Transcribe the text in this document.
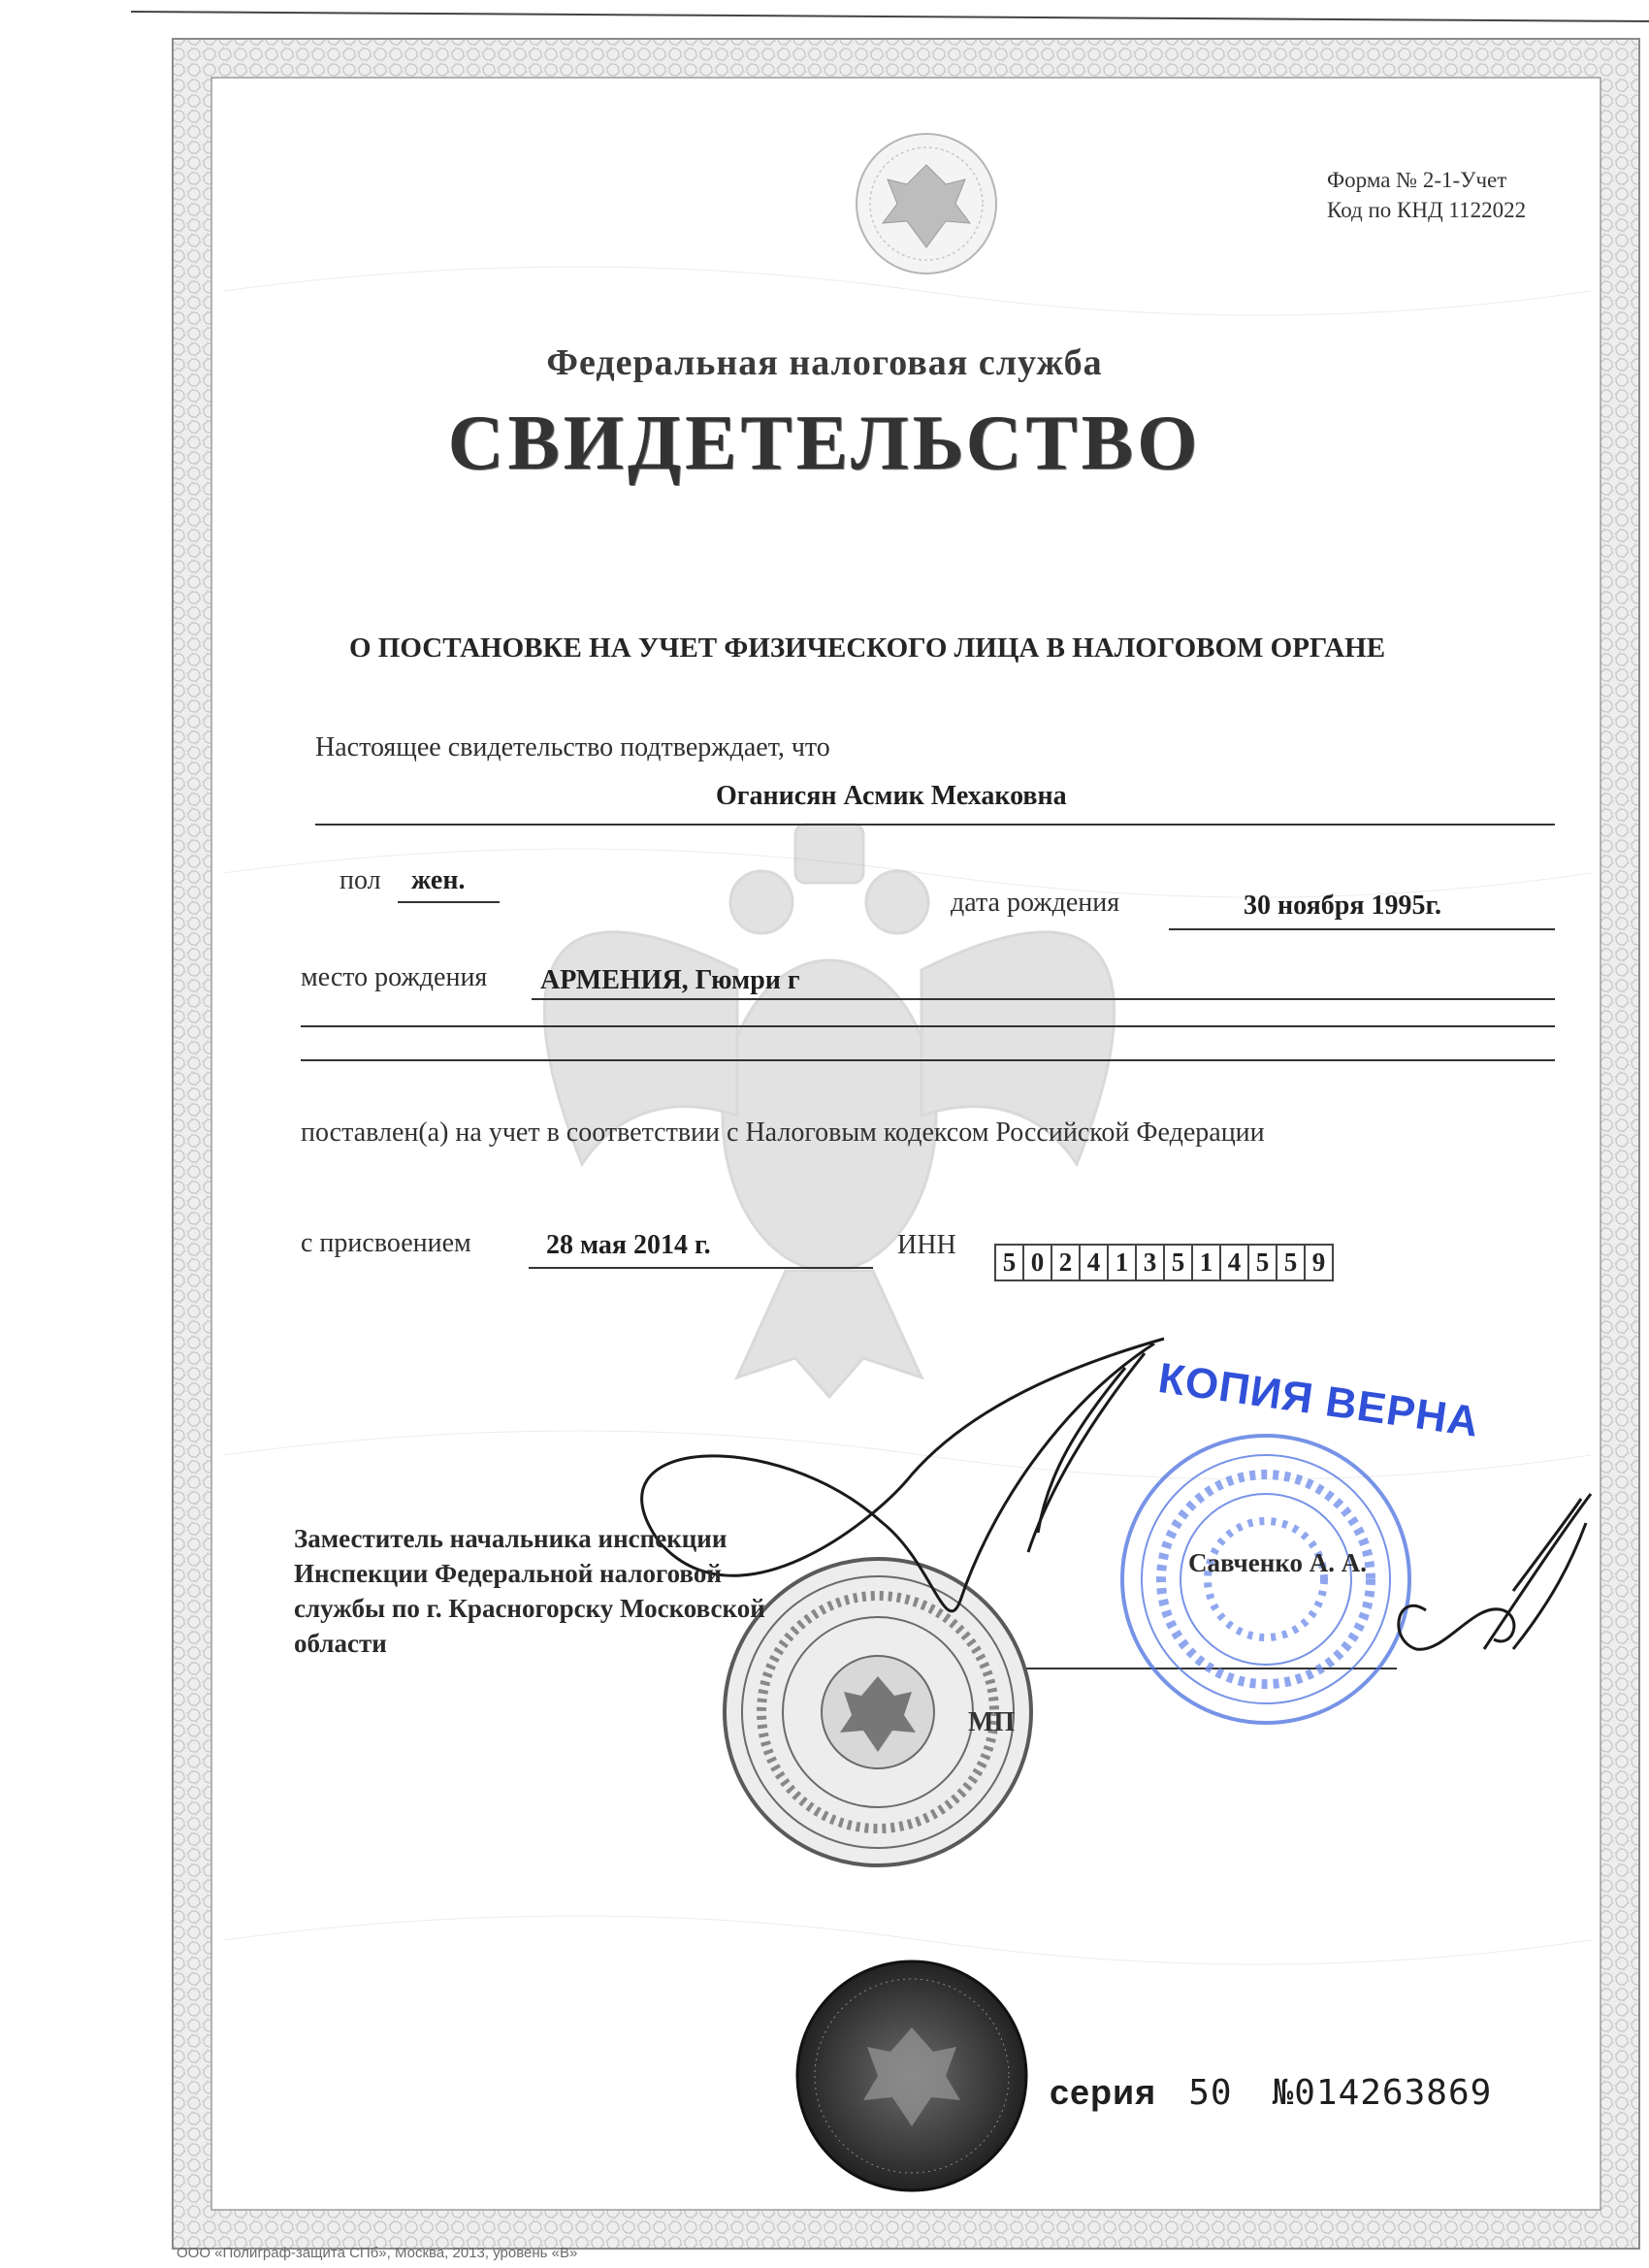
Форма № 2-1-Учет
Код по КНД 1122022
Федеральная налоговая служба
СВИДЕТЕЛЬСТВО
О ПОСТАНОВКЕ НА УЧЕТ ФИЗИЧЕСКОГО ЛИЦА В НАЛОГОВОМ ОРГАНЕ
Настоящее свидетельство подтверждает, что
Оганисян Асмик Мехаковна
пол жен.
дата рождения	30 ноября 1995г.
место рождения АРМЕНИЯ, Гюмри г
поставлен(а) на учет в соответствии с Налоговым кодексом Российской Федерации
с присвоением	28 мая 2014 г.	ИНН
5 0 2 4 1 3 5 1 4 5 5 9
КОПИЯ ВЕРНА
Заместитель начальника инспекции Инспекции Федеральной налоговой службы по г. Красногорску Московской области
Савченко А. А.
МП
серия 50 №014263869
ООО «Полиграф-защита СПб», Москва, 2013, уровень «В»
